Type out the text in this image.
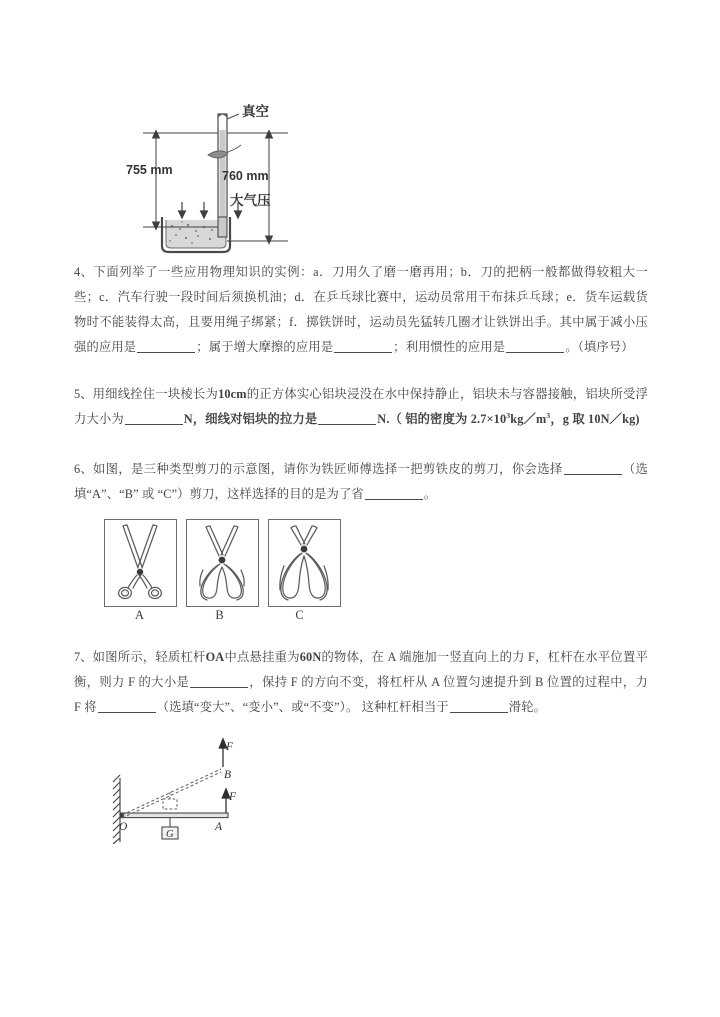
真空
755 mm	760 mm
大气压
4、下面列举了一些应用物理知识的实例：a．刀用久了磨一磨再用；b．刀的把柄一般都做得较粗大一些；c．汽车行驶一段时间后须换机油；d．在乒乓球比赛中，运动员常用干布抹乒乓球；e．货车运载货物时不能装得太高，且要用绳子绑紧；f．掷铁饼时，运动员先猛转几圈才让铁饼出手。其中属于减小压强的应用是	；属于增大摩擦的应用是	；利用惯性的应用是	。（填序号）
5、用细线拴住一块棱长为10cm的正方体实心铝块浸没在水中保持静止，铝块未与容器接触，铝块所受浮力大小为	N，细线对铝块的拉力是	N.（ 铝的密度为 $2.7\times 10^3kg/m^3$，g 取 10N／kg)
6、如图，是三种类型剪刀的示意图，请你为铁匠师傅选择一把剪铁皮的剪刀，你会选择	（选填“A”、“B” 或 “C”）剪刀，这样选择的目的是为了省	。
A	B	C
7、如图所示，轻质杠杆OA中点悬挂重为60N的物体，在 A 端施加一竖直向上的力 F，杠杆在水平位置平衡，则力 F 的大小是	，保持 F 的方向不变，将杠杆从 A 位置匀速提升到 B 位置的过程中，力 F 将	（选填“变大”、“变小”、或“不变”）。 这种杠杆相当于	滑轮。
F
B
F
G
O	A
